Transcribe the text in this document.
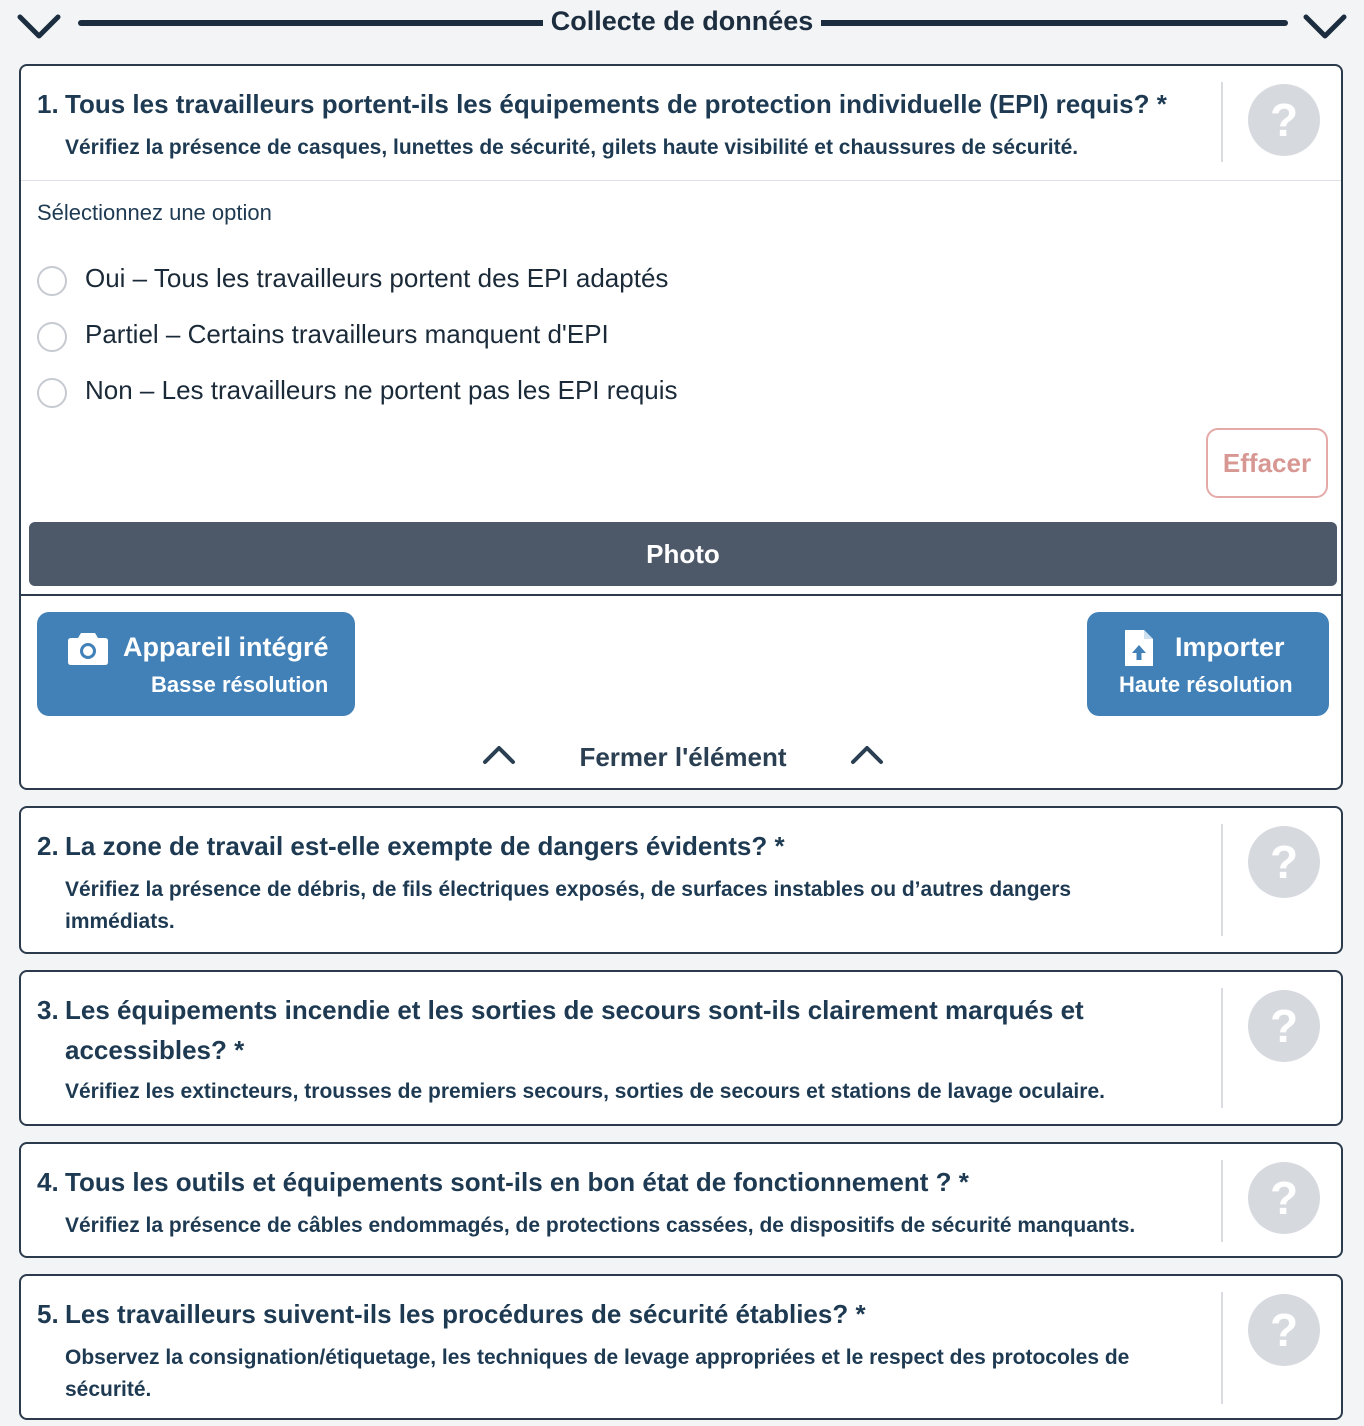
Collecte de données
1. Tous les travailleurs portent-ils les équipements de protection individuelle (EPI) requis? *
Vérifiez la présence de casques, lunettes de sécurité, gilets haute visibilité et chaussures de sécurité.
?
Sélectionnez une option
Oui – Tous les travailleurs portent des EPI adaptés
Partiel – Certains travailleurs manquent d'EPI
Non – Les travailleurs ne portent pas les EPI requis
Effacer
Photo
Appareil intégré
Basse résolution
Importer
Haute résolution
Fermer l'élément
2. La zone de travail est-elle exempte de dangers évidents? *
Vérifiez la présence de débris, de fils électriques exposés, de surfaces instables ou d’autres dangers
immédiats.
?
3. Les équipements incendie et les sorties de secours sont-ils clairement marqués et
accessibles? *
Vérifiez les extincteurs, trousses de premiers secours, sorties de secours et stations de lavage oculaire.
?
4. Tous les outils et équipements sont-ils en bon état de fonctionnement ? *
Vérifiez la présence de câbles endommagés, de protections cassées, de dispositifs de sécurité manquants.
?
5. Les travailleurs suivent-ils les procédures de sécurité établies? *
Observez la consignation/étiquetage, les techniques de levage appropriées et le respect des protocoles de
sécurité.
?
